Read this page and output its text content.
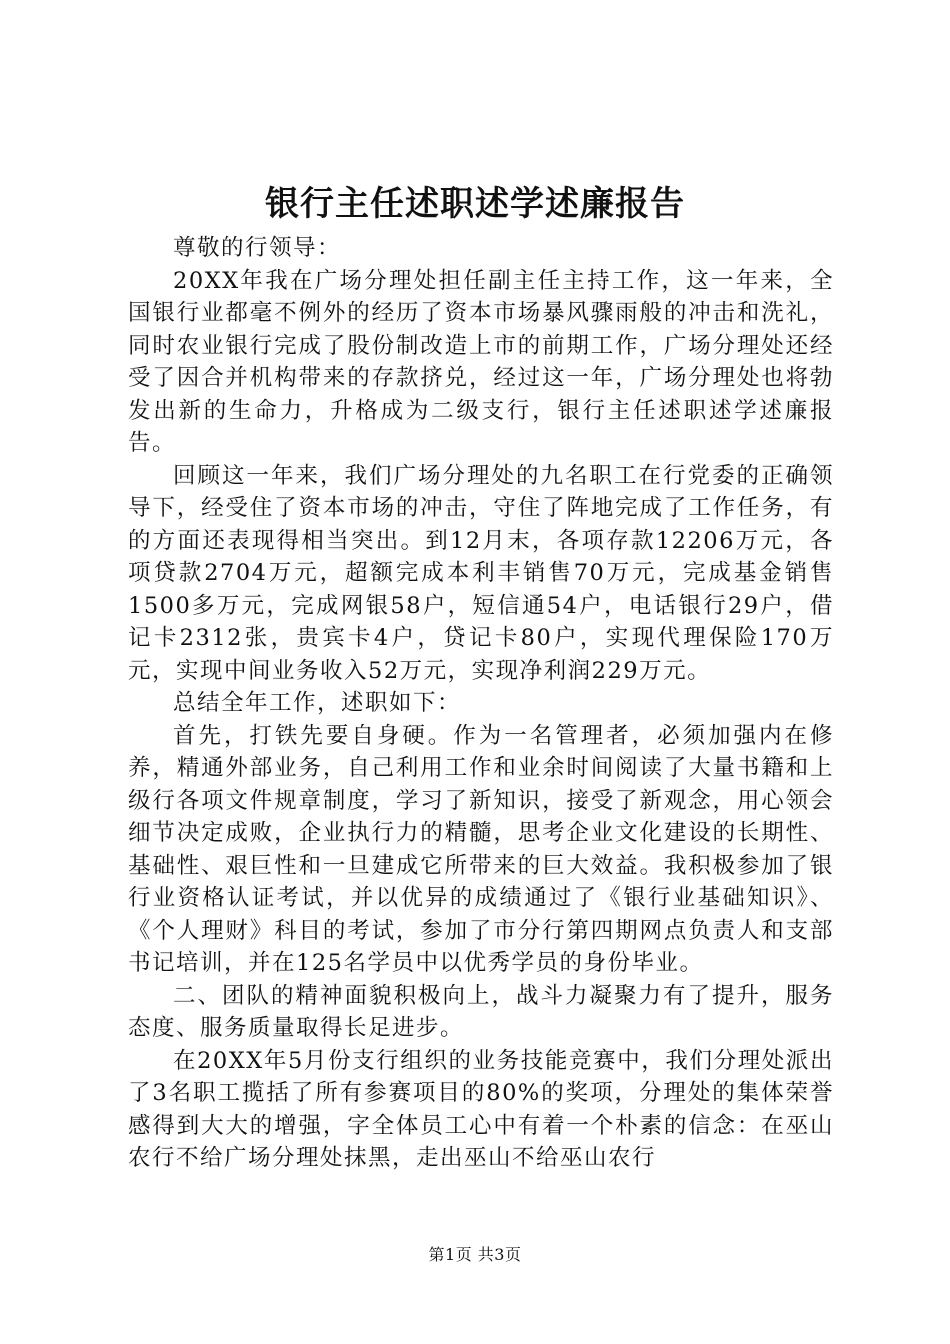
银行主任述职述学述廉报告

尊敬的行领导：

20XX年我在广场分理处担任副主任主持工作，这一年来，全国银行业都毫不例外的经历了资本市场暴风骤雨般的冲击和洗礼，同时农业银行完成了股份制改造上市的前期工作，广场分理处还经受了因合并机构带来的存款挤兑，经过这一年，广场分理处也将勃发出新的生命力，升格成为二级支行，银行主任述职述学述廉报告。

回顾这一年来，我们广场分理处的九名职工在行党委的正确领导下，经受住了资本市场的冲击，守住了阵地完成了工作任务，有的方面还表现得相当突出。到12月末，各项存款12206万元，各项贷款2704万元，超额完成本利丰销售70万元，完成基金销售1500多万元，完成网银58户，短信通54户，电话银行29户，借记卡2312张，贵宾卡4户，贷记卡80户，实现代理保险170万元，实现中间业务收入52万元，实现净利润229万元。

总结全年工作，述职如下：

首先，打铁先要自身硬。作为一名管理者，必须加强内在修养，精通外部业务，自己利用工作和业余时间阅读了大量书籍和上级行各项文件规章制度，学习了新知识，接受了新观念，用心领会细节决定成败，企业执行力的精髓，思考企业文化建设的长期性、基础性、艰巨性和一旦建成它所带来的巨大效益。我积极参加了银行业资格认证考试，并以优异的成绩通过了《银行业基础知识》、《个人理财》科目的考试，参加了市分行第四期网点负责人和支部书记培训，并在125名学员中以优秀学员的身份毕业。

二、团队的精神面貌积极向上，战斗力凝聚力有了提升，服务态度、服务质量取得长足进步。

在20XX年5月份支行组织的业务技能竞赛中，我们分理处派出了3名职工揽括了所有参赛项目的80%的奖项，分理处的集体荣誉感得到大大的增强，字全体员工心中有着一个朴素的信念：在巫山农行不给广场分理处抹黑，走出巫山不给巫山农行

第1页 共3页
